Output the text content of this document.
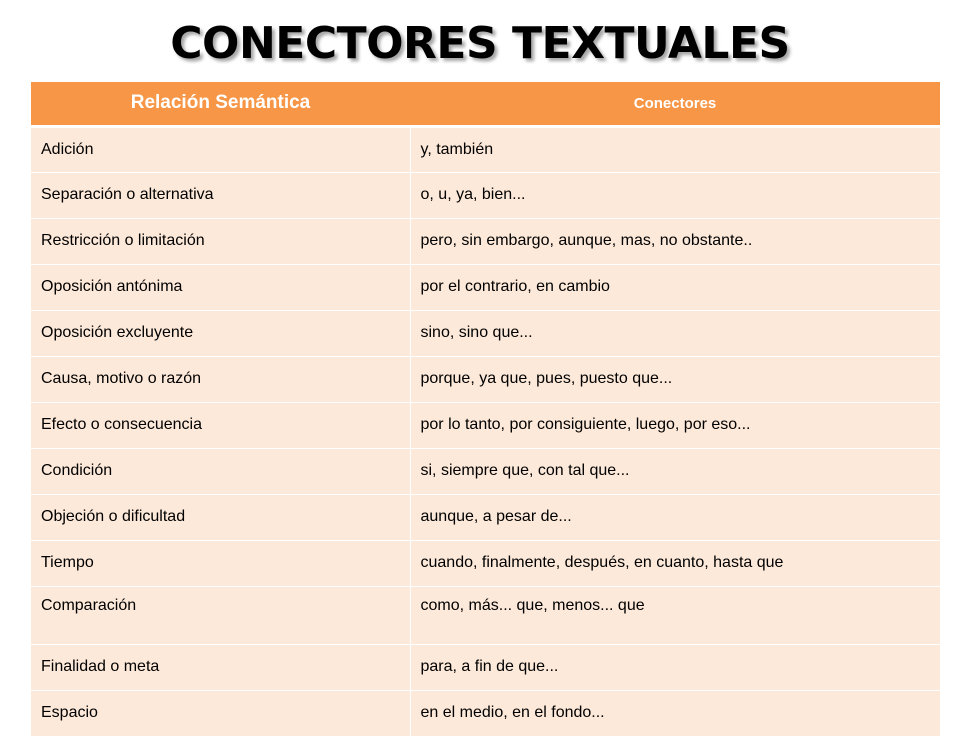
CONECTORES TEXTUALES
Relación Semántica	Conectores
Adición	y, también
Separación o alternativa	o, u, ya, bien...
Restricción o limitación	pero, sin embargo, aunque, mas, no obstante..
Oposición antónima	por el contrario, en cambio
Oposición excluyente	sino, sino que...
Causa, motivo o razón	porque, ya que, pues, puesto que...
Efecto o consecuencia	por lo tanto, por consiguiente, luego, por eso...
Condición	si, siempre que, con tal que...
Objeción o dificultad	aunque, a pesar de...
Tiempo	cuando, finalmente, después, en cuanto, hasta que
Comparación	como, más... que, menos... que
Finalidad o meta	para, a fin de que...
Espacio	en el medio, en el fondo...
